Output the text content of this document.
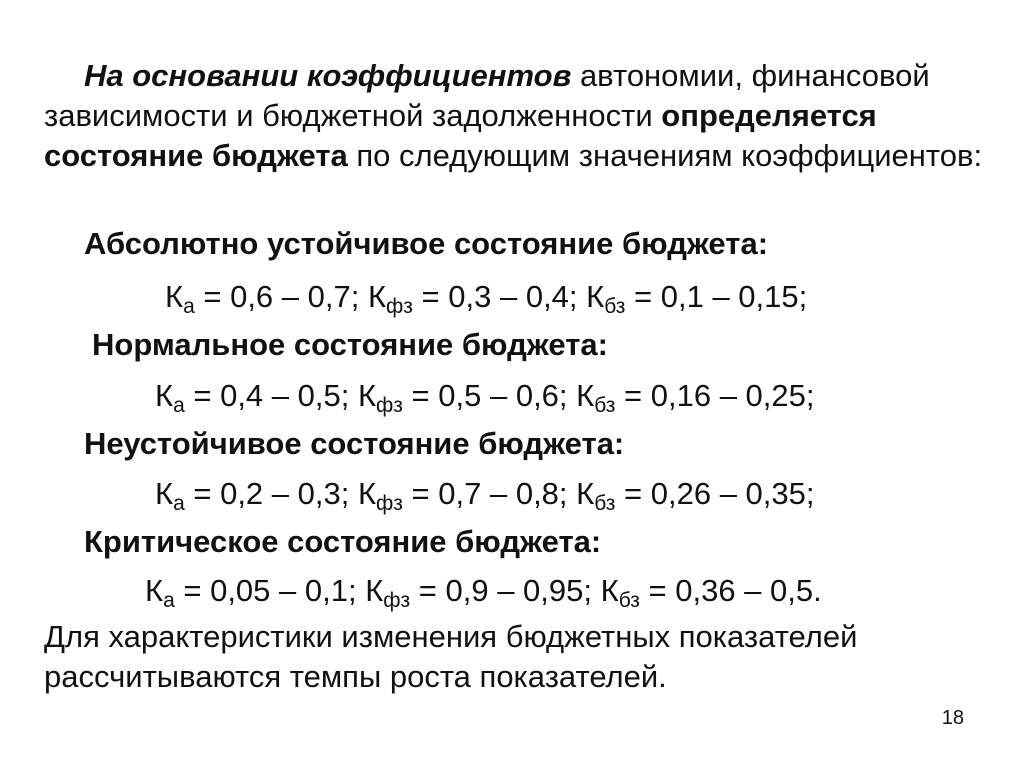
На основании коэффициентов автономии, финансовой зависимости и бюджетной задолженности определяется состояние бюджета по следующим значениям коэффициентов:
Абсолютно устойчивое состояние бюджета:
$К_а = 0,6 - 0,7$; $К_{фз} = 0,3 - 0,4$; $К_{бз} = 0,1 - 0,15$;
Нормальное состояние бюджета:
$К_а = 0,4 - 0,5$; $К_{фз} = 0,5 - 0,6$; $К_{бз} = 0,16 - 0,25$;
Неустойчивое состояние бюджета:
$К_а = 0,2 - 0,3$; $К_{фз} = 0,7 - 0,8$; $К_{бз} = 0,26 - 0,35$;
Критическое состояние бюджета:
$К_а = 0,05 - 0,1$; $К_{фз} = 0,9 - 0,95$; $К_{бз} = 0,36 - 0,5$.
Для характеристики изменения бюджетных показателей рассчитываются темпы роста показателей.
18
